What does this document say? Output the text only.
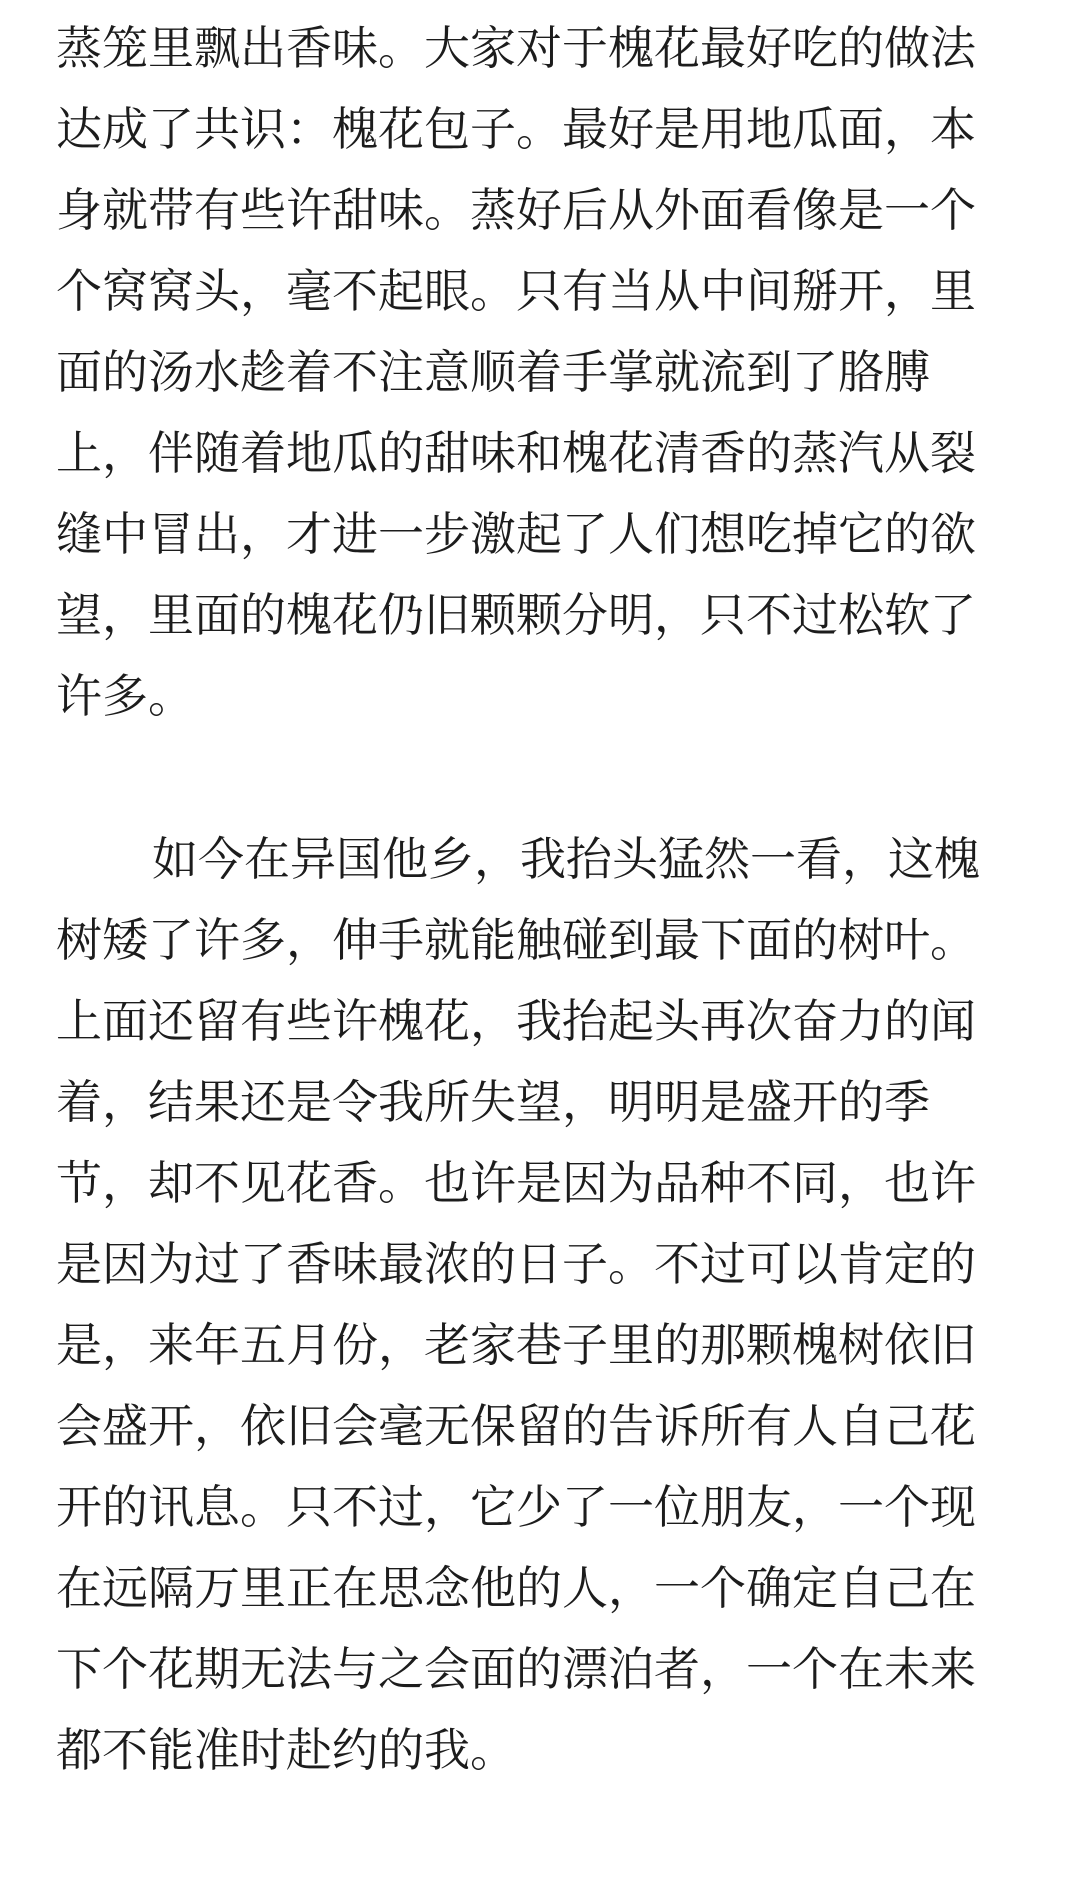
蒸笼里飘出香味。大家对于槐花最好吃的做法
达成了共识：槐花包子。最好是用地瓜面，本
身就带有些许甜味。蒸好后从外面看像是一个
个窝窝头，毫不起眼。只有当从中间掰开，里
面的汤水趁着不注意顺着手掌就流到了胳膊
上，伴随着地瓜的甜味和槐花清香的蒸汽从裂
缝中冒出，才进一步激起了人们想吃掉它的欲
望，里面的槐花仍旧颗颗分明，只不过松软了
许多。
如今在异国他乡，我抬头猛然一看，这槐
树矮了许多，伸手就能触碰到最下面的树叶。
上面还留有些许槐花，我抬起头再次奋力的闻
着，结果还是令我所失望，明明是盛开的季
节，却不见花香。也许是因为品种不同，也许
是因为过了香味最浓的日子。不过可以肯定的
是，来年五月份，老家巷子里的那颗槐树依旧
会盛开，依旧会毫无保留的告诉所有人自己花
开的讯息。只不过，它少了一位朋友，一个现
在远隔万里正在思念他的人，一个确定自己在
下个花期无法与之会面的漂泊者，一个在未来
都不能准时赴约的我。
